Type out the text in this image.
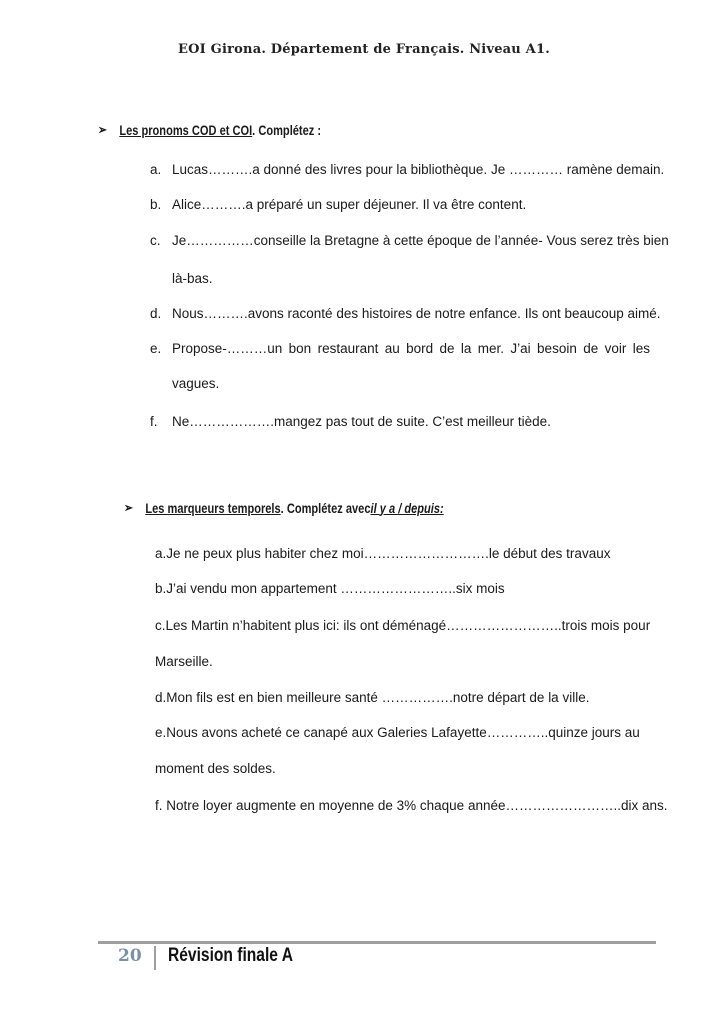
EOI Girona. Département de Français. Niveau A1.
➢ Les pronoms COD et COI . Complétez :
a. Lucas……….a donné des livres pour la bibliothèque. Je ………… ramène demain.
b. Alice……….a préparé un super déjeuner. Il va être content.
c. Je……………conseille la Bretagne à cette époque de l’année- Vous serez très bien
là-bas.
d. Nous……….avons raconté des histoires de notre enfance. Ils ont beaucoup aimé.
e. Propose-………un bon restaurant au bord de la mer. J’ai besoin de voir les
vagues.
f. Ne……………….mangez pas tout de suite. C’est meilleur tiède.
➢ Les marqueurs temporels . Complétez avec il y a / depuis:
a.Je ne peux plus habiter chez moi……………………….le début des travaux
b.J’ai vendu mon appartement ……………………..six mois
c.Les Martin n’habitent plus ici: ils ont déménagé……………………..trois mois pour
Marseille.
d.Mon fils est en bien meilleure santé …………….notre départ de la ville.
e.Nous avons acheté ce canapé aux Galeries Lafayette…………..quinze jours au
moment des soldes.
f. Notre loyer augmente en moyenne de 3% chaque année……………………..dix ans.
20 Révision finale A
